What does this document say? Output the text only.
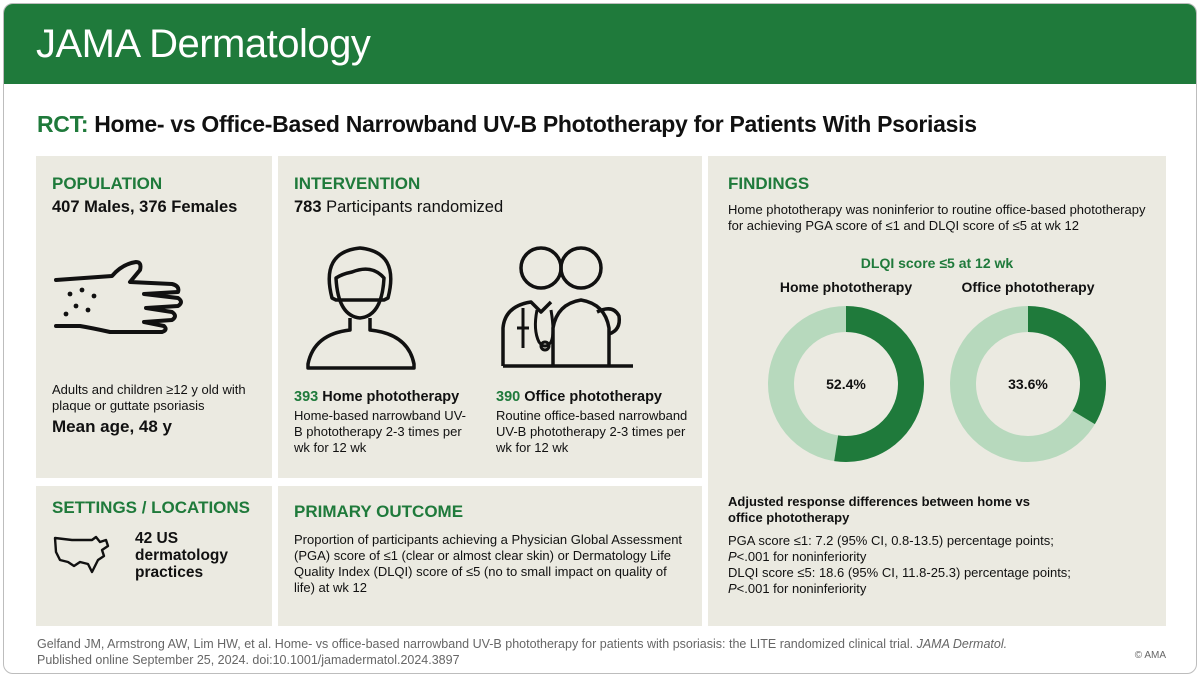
JAMA Dermatology
RCT: Home- vs Office-Based Narrowband UV-B Phototherapy for Patients With Psoriasis
POPULATION
407 Males, 376 Females
Adults and children ≥12 y old with plaque or guttate psoriasis
Mean age, 48 y
INTERVENTION
783 Participants randomized
393 Home phototherapy
Home-based narrowband UV-B phototherapy 2-3 times per wk for 12 wk
390 Office phototherapy
Routine office-based narrowband UV-B phototherapy 2-3 times per wk for 12 wk
SETTINGS / LOCATIONS
42 US dermatology practices
PRIMARY OUTCOME
Proportion of participants achieving a Physician Global Assessment (PGA) score of ≤1 (clear or almost clear skin) or Dermatology Life Quality Index (DLQI) score of ≤5 (no to small impact on quality of life) at wk 12
FINDINGS
Home phototherapy was noninferior to routine office-based phototherapy for achieving PGA score of ≤1 and DLQI score of ≤5 at wk 12
DLQI score ≤5 at 12 wk
Home phototherapy	Office phototherapy
52.4%	33.6%
Adjusted response differences between home vs office phototherapy
PGA score ≤1: 7.2 (95% CI, 0.8-13.5) percentage points;
P<.001 for noninferiority
DLQI score ≤5: 18.6 (95% CI, 11.8-25.3) percentage points;
P<.001 for noninferiority
Gelfand JM, Armstrong AW, Lim HW, et al. Home- vs office-based narrowband UV-B phototherapy for patients with psoriasis: the LITE randomized clinical trial. JAMA Dermatol.
Published online September 25, 2024. doi:10.1001/jamadermatol.2024.3897	© AMA
